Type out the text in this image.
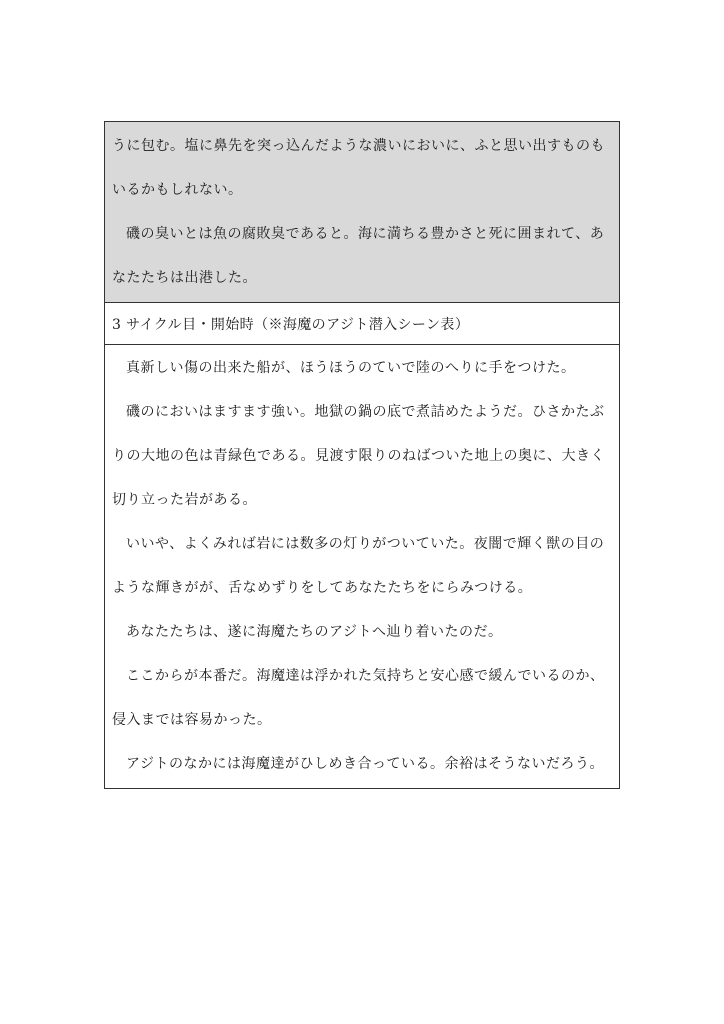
うに包む。塩に鼻先を突っ込んだような濃いにおいに、ふと思い出すものも
いるかもしれない。
磯の臭いとは魚の腐敗臭であると。海に満ちる豊かさと死に囲まれて、あ
なたたちは出港した。
3 サイクル目・開始時（※海魔のアジト潜入シーン表）
真新しい傷の出来た船が、ほうほうのていで陸のへりに手をつけた。
磯のにおいはますます強い。地獄の鍋の底で煮詰めたようだ。ひさかたぶ
りの大地の色は青緑色である。見渡す限りのねばついた地上の奥に、大きく
切り立った岩がある。
いいや、よくみれば岩には数多の灯りがついていた。夜闇で輝く獣の目の
ような輝きがが、舌なめずりをしてあなたたちをにらみつける。
あなたたちは、遂に海魔たちのアジトへ辿り着いたのだ。
ここからが本番だ。海魔達は浮かれた気持ちと安心感で緩んでいるのか、
侵入までは容易かった。
アジトのなかには海魔達がひしめき合っている。余裕はそうないだろう。
